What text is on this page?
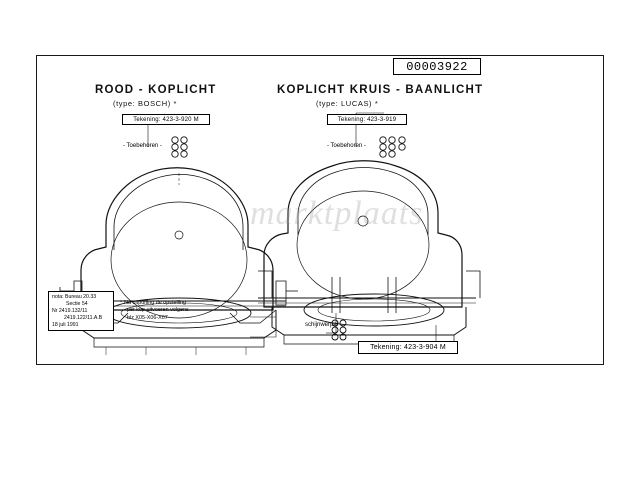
00003922
marktplaats
ROOD - KOPLICHT
(type: BOSCH) *
Tekening: 423-3-920 M
- Toebehoren -
KOPLICHT KRUIS - BAANLICHT
(type: LUCAS) *
Tekening: 423-3-919
- Toebehoren -
schijnwerper
Tekening: 423-3-904 M
nota: Bureau 20.33
Sectie 54
Nr 2419.132/11
2419.122/11.A.B
18 juli 1991
* Na uitpuffing de opstelling
per kop uitvoeren volgens
blz X05-X06-X07
